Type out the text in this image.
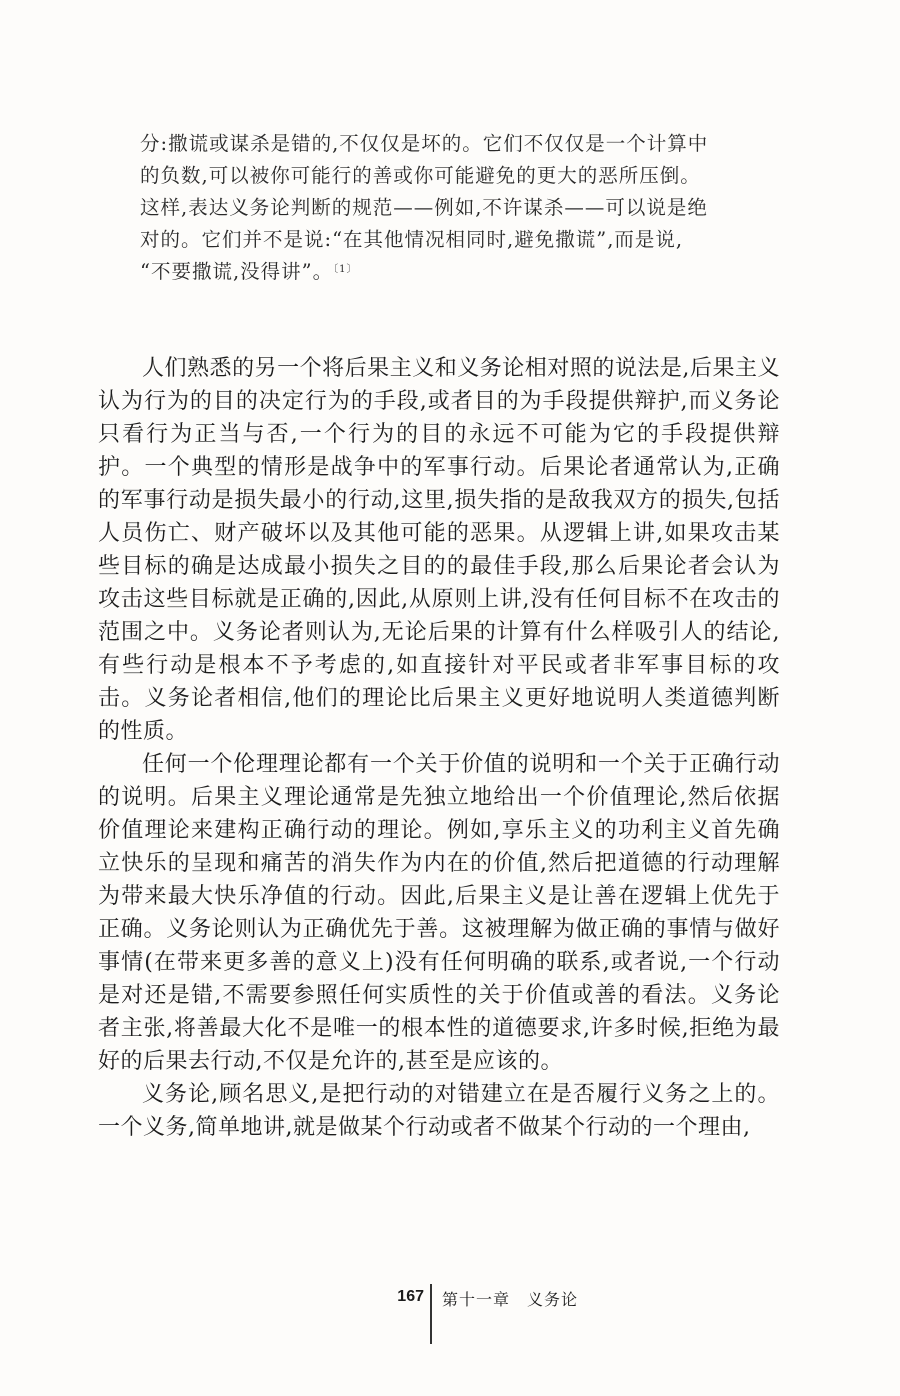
分:撒谎或谋杀是错的,不仅仅是坏的。它们不仅仅是一个计算中

的负数,可以被你可能行的善或你可能避免的更大的恶所压倒。

这样,表达义务论判断的规范——例如,不许谋杀——可以说是绝

对的。它们并不是说:“在其他情况相同时,避免撒谎”,而是说,

“不要撒谎,没得讲”。$^{〔1〕}$

人们熟悉的另一个将后果主义和义务论相对照的说法是,后果主义认为行为的目的决定行为的手段,或者目的为手段提供辩护,而义务论只看行为正当与否,一个行为的目的永远不可能为它的手段提供辩护。一个典型的情形是战争中的军事行动。后果论者通常认为,正确的军事行动是损失最小的行动,这里,损失指的是敌我双方的损失,包括人员伤亡、财产破坏以及其他可能的恶果。从逻辑上讲,如果攻击某些目标的确是达成最小损失之目的的最佳手段,那么后果论者会认为攻击这些目标就是正确的,因此,从原则上讲,没有任何目标不在攻击的范围之中。义务论者则认为,无论后果的计算有什么样吸引人的结论,有些行动是根本不予考虑的,如直接针对平民或者非军事目标的攻击。义务论者相信,他们的理论比后果主义更好地说明人类道德判断的性质。

任何一个伦理理论都有一个关于价值的说明和一个关于正确行动的说明。后果主义理论通常是先独立地给出一个价值理论,然后依据价值理论来建构正确行动的理论。例如,享乐主义的功利主义首先确立快乐的呈现和痛苦的消失作为内在的价值,然后把道德的行动理解为带来最大快乐净值的行动。因此,后果主义是让善在逻辑上优先于正确。义务论则认为正确优先于善。这被理解为做正确的事情与做好事情(在带来更多善的意义上)没有任何明确的联系,或者说,一个行动是对还是错,不需要参照任何实质性的关于价值或善的看法。义务论者主张,将善最大化不是唯一的根本性的道德要求,许多时候,拒绝为最好的后果去行动,不仅是允许的,甚至是应该的。

义务论,顾名思义,是把行动的对错建立在是否履行义务之上的。一个义务,简单地讲,就是做某个行动或者不做某个行动的一个理由,

167 第十一章　义务论
